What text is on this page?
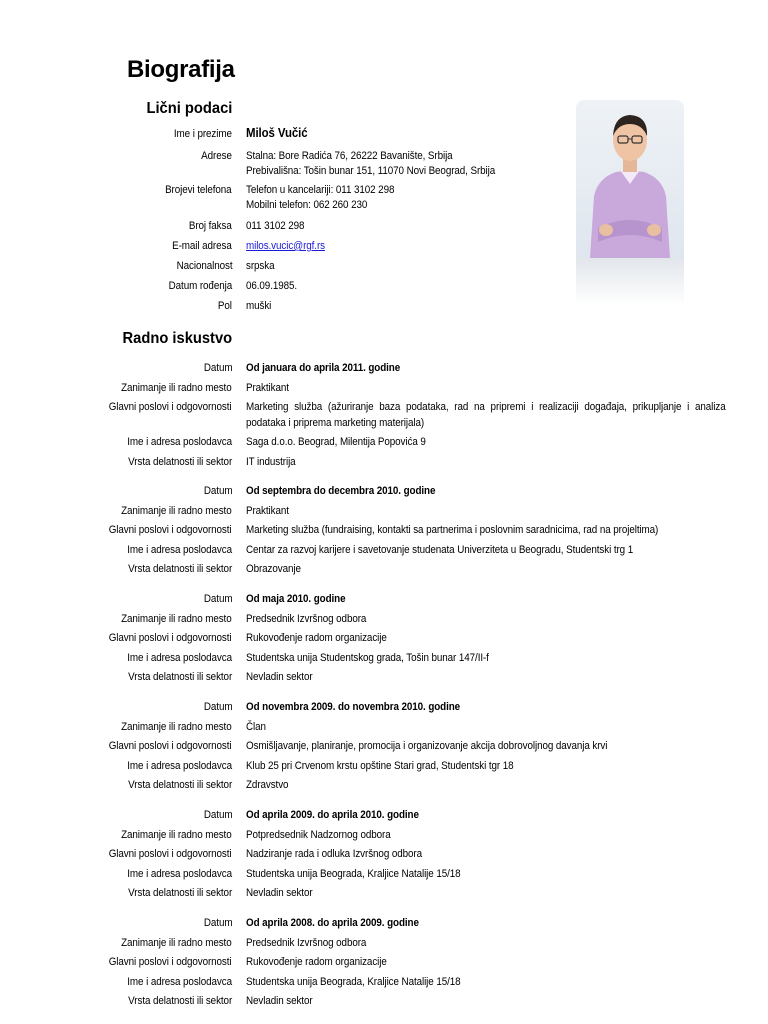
Biografija
Lični podaci
Ime i prezime Miloš Vučić
Adrese Stalna: Bore Radića 76, 26222 Bavanište, Srbija
Prebivališna: Tošin bunar 151, 11070 Novi Beograd, Srbija
Brojevi telefona Telefon u kancelariji: 011 3102 298
Mobilni telefon: 062 260 230
Broj faksa 011 3102 298
E-mail adresa milos.vucic@rgf.rs
Nacionalnost srpska
Datum rođenja 06.09.1985.
Pol muški
Radno iskustvo
Datum Od januara do aprila 2011. godine
Zanimanje ili radno mesto Praktikant
Glavni poslovi i odgovornosti Marketing služba (ažuriranje baza podataka, rad na pripremi i realizaciji događaja, prikupljanje i analiza podataka i priprema marketing materijala)
Ime i adresa poslodavca Saga d.o.o. Beograd, Milentija Popovića 9
Vrsta delatnosti ili sektor IT industrija
Datum Od septembra do decembra 2010. godine
Zanimanje ili radno mesto Praktikant
Glavni poslovi i odgovornosti Marketing služba (fundraising, kontakti sa partnerima i poslovnim saradnicima, rad na projeltima)
Ime i adresa poslodavca Centar za razvoj karijere i savetovanje studenata Univerziteta u Beogradu, Studentski trg 1
Vrsta delatnosti ili sektor Obrazovanje
Datum Od maja 2010. godine
Zanimanje ili radno mesto Predsednik Izvršnog odbora
Glavni poslovi i odgovornosti Rukovođenje radom organizacije
Ime i adresa poslodavca Studentska unija Studentskog grada, Tošin bunar 147/II-f
Vrsta delatnosti ili sektor Nevladin sektor
Datum Od novembra 2009. do novembra 2010. godine
Zanimanje ili radno mesto Član
Glavni poslovi i odgovornosti Osmišljavanje, planiranje, promocija i organizovanje akcija dobrovoljnog davanja krvi
Ime i adresa poslodavca Klub 25 pri Crvenom krstu opštine Stari grad, Studentski tgr 18
Vrsta delatnosti ili sektor Zdravstvo
Datum Od aprila 2009. do aprila 2010. godine
Zanimanje ili radno mesto Potpredsednik Nadzornog odbora
Glavni poslovi i odgovornosti Nadziranje rada i odluka Izvršnog odbora
Ime i adresa poslodavca Studentska unija Beograda, Kraljice Natalije 15/18
Vrsta delatnosti ili sektor Nevladin sektor
Datum Od aprila 2008. do aprila 2009. godine
Zanimanje ili radno mesto Predsednik Izvršnog odbora
Glavni poslovi i odgovornosti Rukovođenje radom organizacije
Ime i adresa poslodavca Studentska unija Beograda, Kraljice Natalije 15/18
Vrsta delatnosti ili sektor Nevladin sektor
